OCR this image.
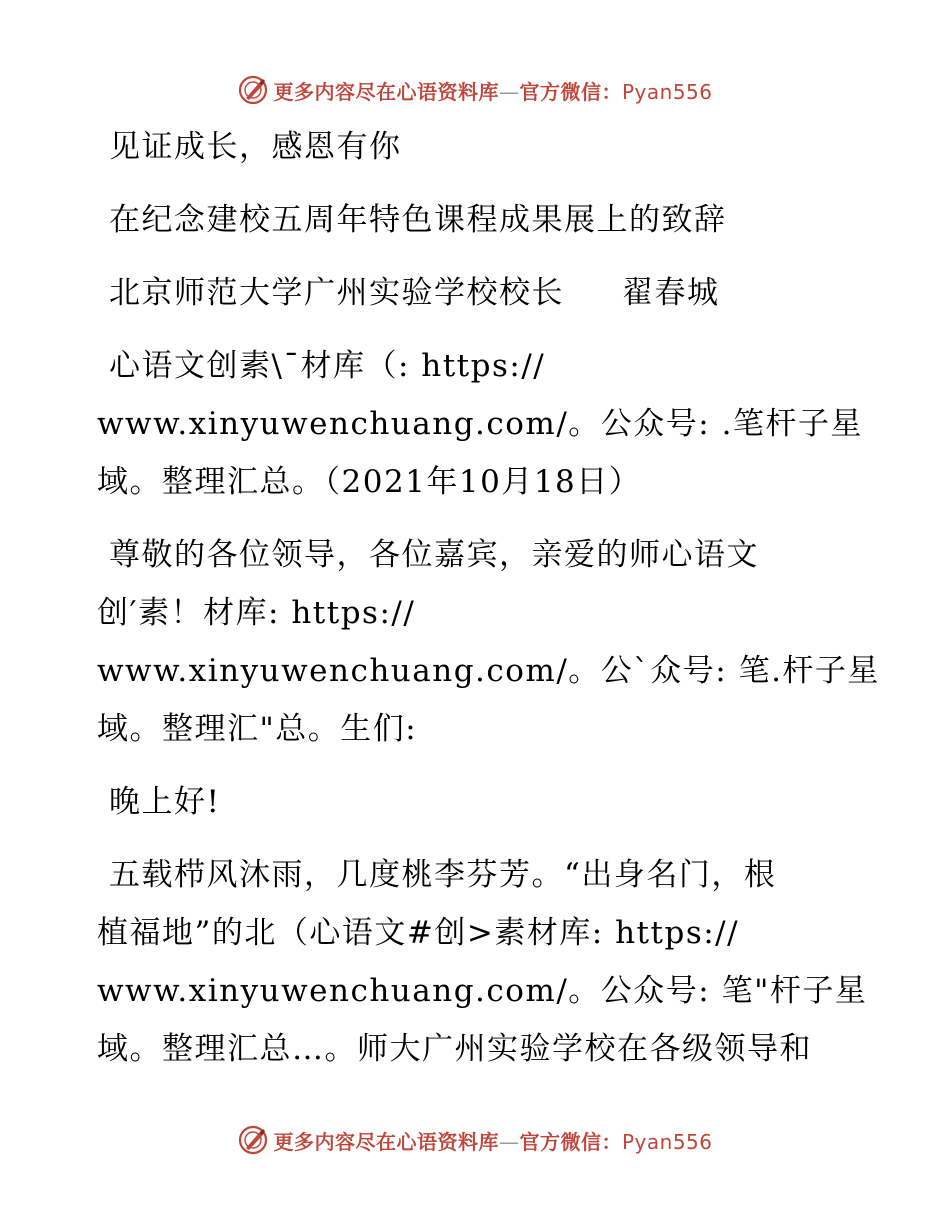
更多内容尽在心语资料库—官方微信：Pyan556
见证成长，感恩有你
在纪念建校五周年特色课程成果展上的致辞
北京师范大学广州实验学校校长 翟春城
心语文创素\¯材库（: https://
www.xinyuwenchuang.com/。公众号: .笔杆子星
域。整理汇总。（2021年10月18日）
尊敬的各位领导，各位嘉宾，亲爱的师心语文
创′素！材库: https://
www.xinyuwenchuang.com/。公`众号: 笔.杆子星
域。整理汇"总。生们:
晚上好!
五载栉风沐雨，几度桃李芬芳。“出身名门，根
植福地”的北（心语文#创>素材库: https://
www.xinyuwenchuang.com/。公众号: 笔"杆子星
域。整理汇总…。师大广州实验学校在各级领导和
更多内容尽在心语资料库—官方微信：Pyan556
